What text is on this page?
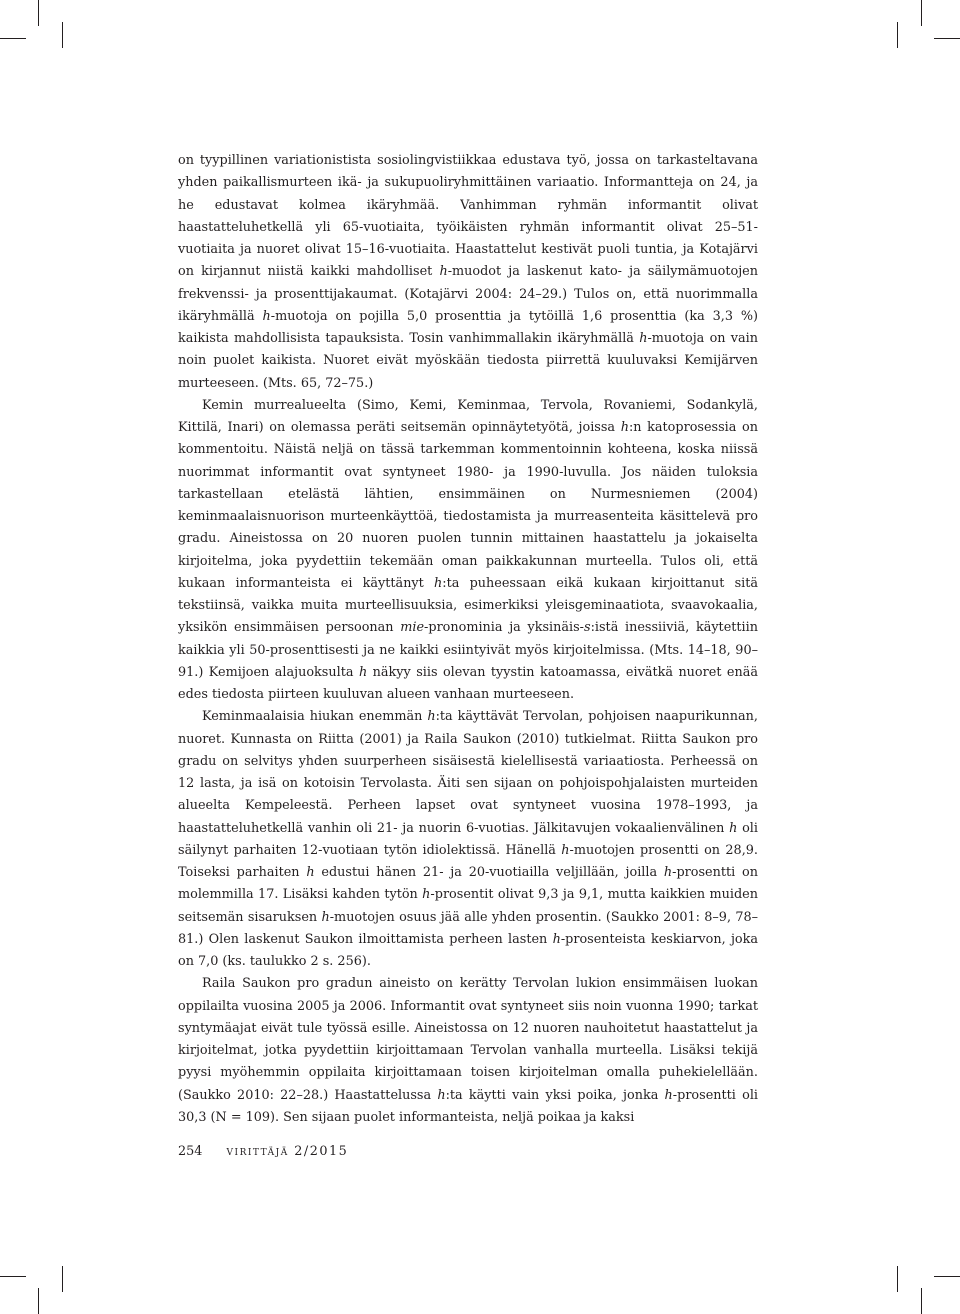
on tyypillinen variationistista sosiolingvistiikkaa edustava työ, jossa on tarkasteltavana yhden paikallismurteen ikä- ja sukupuoliryhmittäinen variaatio. Informantteja on 24, ja he edustavat kolmea ikäryhmää. Vanhimman ryhmän informantit olivat haastatteluhetkellä yli 65-vuotiaita, työikäisten ryhmän informantit olivat 25–51-vuotiaita ja nuoret olivat 15–16-vuotiaita. Haastattelut kestivät puoli tuntia, ja Kotajärvi on kirjannut niistä kaikki mahdolliset h-muodot ja laskenut kato- ja säilymämuotojen frekvenssi- ja prosenttijakaumat. (Kotajärvi 2004: 24–29.) Tulos on, että nuorimmalla ikäryhmällä h-muotoja on pojilla 5,0 prosenttia ja tytöillä 1,6 prosenttia (ka 3,3 %) kaikista mahdollisista tapauksista. Tosin vanhimmallakin ikäryhmällä h-muotoja on vain noin puolet kaikista. Nuoret eivät myöskään tiedosta piirrettä kuuluvaksi Kemijärven murteeseen. (Mts. 65, 72–75.)

Kemin murrealueelta (Simo, Kemi, Keminmaa, Tervola, Rovaniemi, Sodankylä, Kittilä, Inari) on olemassa peräti seitsemän opinnäytetyötä, joissa h:n katoprosessia on kommentoitu. Näistä neljä on tässä tarkemman kommentoinnin kohteena, koska niissä nuorimmat informantit ovat syntyneet 1980- ja 1990-luvulla. Jos näiden tuloksia tarkastellaan etelästä lähtien, ensimmäinen on Nurmesniemen (2004) keminmaalaisnuorison murteenkäyttöä, tiedostamista ja murreasenteita käsittelevä pro gradu. Aineistossa on 20 nuoren puolen tunnin mittainen haastattelu ja jokaiselta kirjoitelma, joka pyydettiin tekemään oman paikkakunnan murteella. Tulos oli, että kukaan informanteista ei käyttänyt h:ta puheessaan eikä kukaan kirjoittanut sitä tekstiinsä, vaikka muita murteellisuuksia, esimerkiksi yleisgeminaatiota, svaavokaalia, yksikön ensimmäisen persoonan mie-pronominia ja yksinäis-s:istä inessiiviä, käytettiin kaikkia yli 50-prosenttisesti ja ne kaikki esiintyivät myös kirjoitelmissa. (Mts. 14–18, 90–91.) Kemijoen alajuoksulta h näkyy siis olevan tyystin katoamassa, eivätkä nuoret enää edes tiedosta piirteen kuuluvan alueen vanhaan murteeseen.

Keminmaalaisia hiukan enemmän h:ta käyttävät Tervolan, pohjoisen naapurikunnan, nuoret. Kunnasta on Riitta (2001) ja Raila Saukon (2010) tutkielmat. Riitta Saukon pro gradu on selvitys yhden suurperheen sisäisestä kielellisestä variaatiosta. Perheessä on 12 lasta, ja isä on kotoisin Tervolasta. Äiti sen sijaan on pohjoispohjalaisten murteiden alueelta Kempeleestä. Perheen lapset ovat syntyneet vuosina 1978–1993, ja haastatteluhetkellä vanhin oli 21- ja nuorin 6-vuotias. Jälkitavujen vokaalienvälinen h oli säilynyt parhaiten 12-vuotiaan tytön idiolektissä. Hänellä h-muotojen prosentti on 28,9. Toiseksi parhaiten h edustui hänen 21- ja 20-vuotiailla veljillään, joilla h-prosentti on molemmilla 17. Lisäksi kahden tytön h-prosentit olivat 9,3 ja 9,1, mutta kaikkien muiden seitsemän sisaruksen h-muotojen osuus jää alle yhden prosentin. (Saukko 2001: 8–9, 78–81.) Olen laskenut Saukon ilmoittamista perheen lasten h-prosenteista keskiarvon, joka on 7,0 (ks. taulukko 2 s. 256).

Raila Saukon pro gradun aineisto on kerätty Tervolan lukion ensimmäisen luokan oppilailta vuosina 2005 ja 2006. Informantit ovat syntyneet siis noin vuonna 1990; tarkat syntymäajat eivät tule työssä esille. Aineistossa on 12 nuoren nauhoitetut haastattelut ja kirjoitelmat, jotka pyydettiin kirjoittamaan Tervolan vanhalla murteella. Lisäksi tekijä pyysi myöhemmin oppilaita kirjoittamaan toisen kirjoitelman omalla puhekielellään. (Saukko 2010: 22–28.) Haastattelussa h:ta käytti vain yksi poika, jonka h-prosentti oli 30,3 (N = 109). Sen sijaan puolet informanteista, neljä poikaa ja kaksi

254 virittäjä 2/2015
